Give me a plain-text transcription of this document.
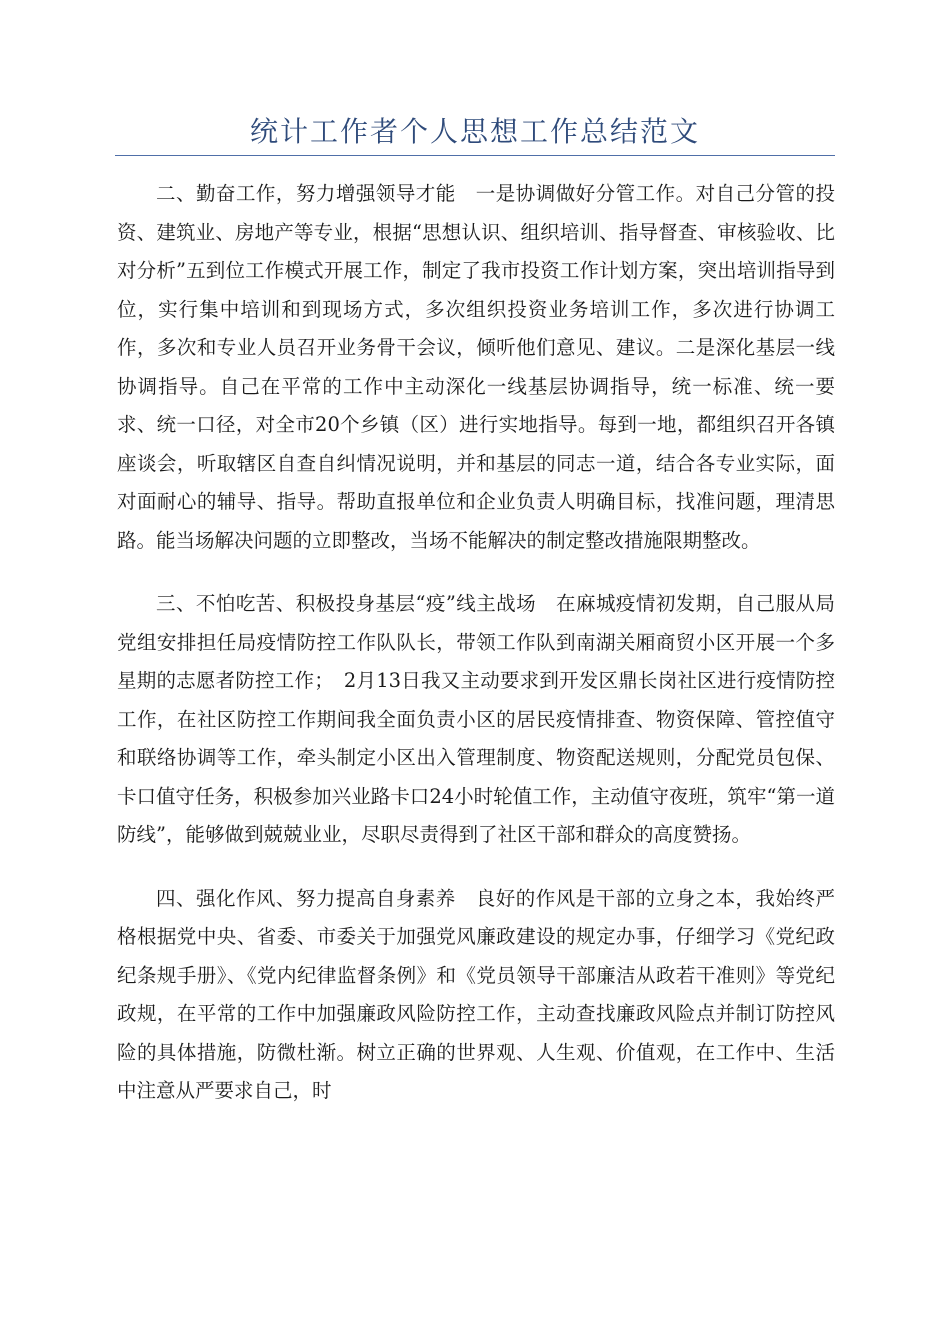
统计工作者个人思想工作总结范文

二、勤奋工作，努力增强领导才能　一是协调做好分管工作。对自己分管的投资、建筑业、房地产等专业，根据“思想认识、组织培训、指导督查、审核验收、比对分析”五到位工作模式开展工作，制定了我市投资工作计划方案，突出培训指导到位，实行集中培训和到现场方式，多次组织投资业务培训工作，多次进行协调工作，多次和专业人员召开业务骨干会议，倾听他们意见、建议。二是深化基层一线协调指导。自己在平常的工作中主动深化一线基层协调指导，统一标准、统一要求、统一口径，对全市20个乡镇（区）进行实地指导。每到一地，都组织召开各镇座谈会，听取辖区自查自纠情况说明，并和基层的同志一道，结合各专业实际，面对面耐心的辅导、指导。帮助直报单位和企业负责人明确目标，找准问题，理清思路。能当场解决问题的立即整改，当场不能解决的制定整改措施限期整改。

三、不怕吃苦、积极投身基层“疫”线主战场　在麻城疫情初发期，自己服从局党组安排担任局疫情防控工作队队长，带领工作队到南湖关厢商贸小区开展一个多星期的志愿者防控工作；　2月13日我又主动要求到开发区鼎长岗社区进行疫情防控工作，在社区防控工作期间我全面负责小区的居民疫情排查、物资保障、管控值守和联络协调等工作，牵头制定小区出入管理制度、物资配送规则，分配党员包保、卡口值守任务，积极参加兴业路卡口24小时轮值工作，主动值守夜班，筑牢“第一道防线”，能够做到兢兢业业，尽职尽责得到了社区干部和群众的高度赞扬。

四、强化作风、努力提高自身素养　良好的作风是干部的立身之本，我始终严格根据党中央、省委、市委关于加强党风廉政建设的规定办事，仔细学习《党纪政纪条规手册》、《党内纪律监督条例》和《党员领导干部廉洁从政若干准则》等党纪政规，在平常的工作中加强廉政风险防控工作，主动查找廉政风险点并制订防控风险的具体措施，防微杜渐。树立正确的世界观、人生观、价值观，在工作中、生活中注意从严要求自己，时
